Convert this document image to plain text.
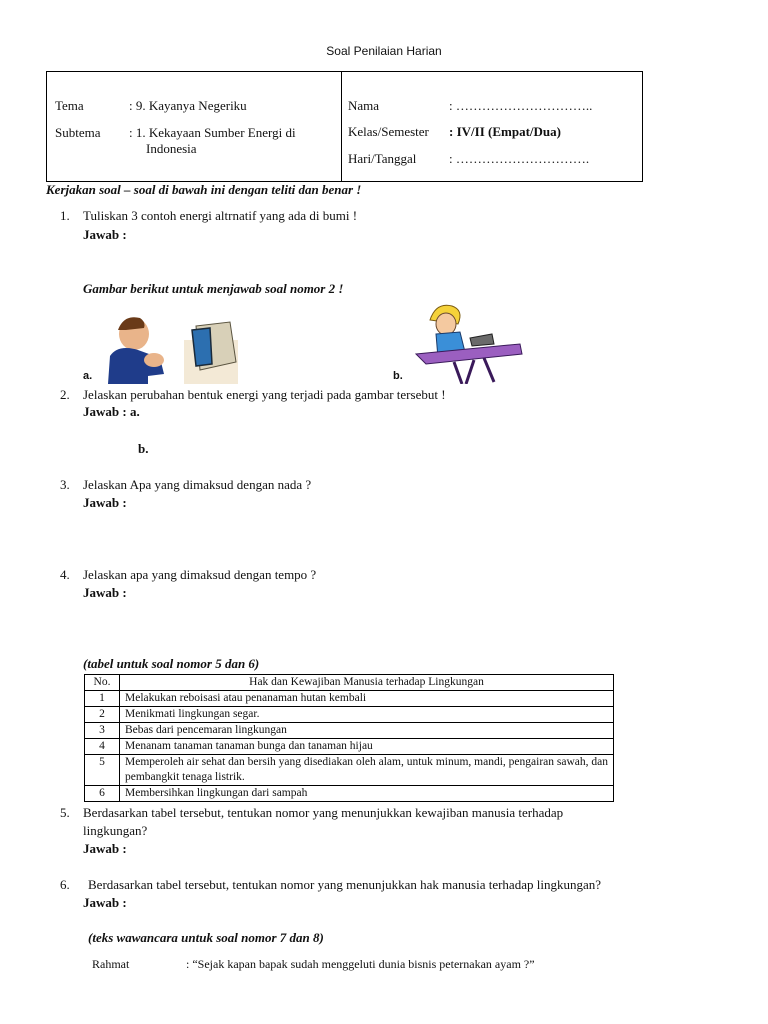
Soal Penilaian Harian
Tema	: 9. Kayanya Negeriku
Subtema : 1. Kekayaan Sumber Energi di
Indonesia
Nama	: …………………………..
Kelas/Semester : IV/II (Empat/Dua)
Hari/Tanggal	: ………………………….
Kerjakan soal – soal di bawah ini dengan teliti dan benar !
1. Tuliskan 3 contoh energi altrnatif yang ada di bumi !
Jawab :
Gambar berikut untuk menjawab soal nomor 2 !
a.	b.
2. Jelaskan perubahan bentuk energi yang terjadi pada gambar tersebut !
Jawab : a.
b.
3. Jelaskan Apa yang dimaksud dengan nada ?
Jawab :
4. Jelaskan apa yang dimaksud dengan tempo ?
Jawab :
(tabel untuk soal nomor 5 dan 6)
No.	Hak dan Kewajiban Manusia terhadap Lingkungan
1	Melakukan reboisasi atau penanaman hutan kembali
2	Menikmati lingkungan segar.
3	Bebas dari pencemaran lingkungan
4	Menanam tanaman tanaman bunga dan tanaman hijau
5	Memperoleh air sehat dan bersih yang disediakan oleh alam, untuk minum, mandi, pengairan sawah, dan pembangkit tenaga listrik.
6	Membersihkan lingkungan dari sampah
5. Berdasarkan tabel tersebut, tentukan nomor yang menunjukkan kewajiban manusia terhadap
lingkungan?
Jawab :
6. Berdasarkan tabel tersebut, tentukan nomor yang menunjukkan hak manusia terhadap lingkungan?
Jawab :
(teks wawancara untuk soal nomor 7 dan 8)
Rahmat	: “Sejak kapan bapak sudah menggeluti dunia bisnis peternakan ayam ?”
